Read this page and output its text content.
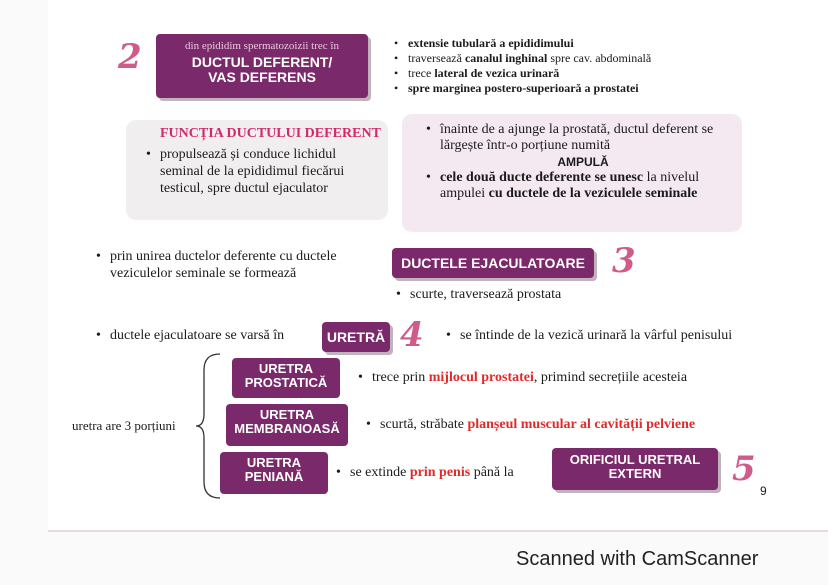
2	din epididim spermatozoizii trec în
DUCTUL DEFERENT/
VAS DEFERENS
• extensie tubulară a epididimului
• traversează canalul inghinal spre cav. abdominală
• trece lateral de vezica urinară
• spre marginea postero-superioară a prostatei
FUNCȚIA DUCTULUI DEFERENT
• propulsează și conduce lichidul seminal de la epididimul fiecărui testicul, spre ductul ejaculator
• înainte de a ajunge la prostată, ductul deferent se lărgește într-o porțiune numită
AMPULĂ
• cele două ducte deferente se unesc la nivelul ampulei cu ductele de la veziculele seminale
• prin unirea ductelor deferente cu ductele veziculelor seminale se formează
DUCTELE EJACULATOARE 3
• scurte, traversează prostata
• ductele ejaculatoare se varsă în	URETRĂ 4	• se întinde de la vezică urinară la vârful penisului
uretra are 3 porțiuni
URETRA
PROSTATICĂ	• trece prin mijlocul prostatei, primind secrețiile acesteia
URETRA
MEMBRANOASĂ	• scurtă, străbate planșeul muscular al cavității pelviene
URETRA
PENIANĂ	• se extinde prin penis până la
ORIFICIUL URETRAL
EXTERN	5
9
Scanned with CamScanner
